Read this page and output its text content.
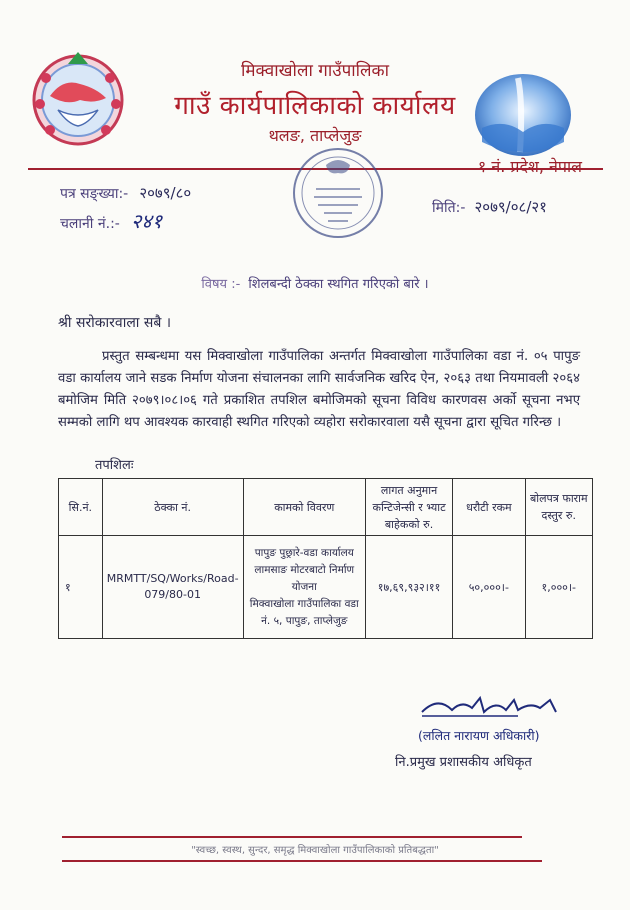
मिक्वाखोला गाउँपालिका
गाउँ कार्यपालिकाको कार्यालय
थलङ, ताप्लेजुङ
१ नं. प्रदेश, नेपाल
पत्र सङ्ख्या:- २०७९/८०
चलानी नं.:- २४१
मिति:- २०७९/०८/२१
विषय :- शिलबन्दी ठेक्का स्थगित गरिएको बारे ।
श्री सरोकारवाला सबै ।
प्रस्तुत सम्बन्धमा यस मिक्वाखोला गाउँपालिका अन्तर्गत मिक्वाखोला गाउँपालिका वडा नं. ०५ पापुङ वडा कार्यालय जाने सडक निर्माण योजना संचालनका लागि सार्वजनिक खरिद ऐन, २०६३ तथा नियमावली २०६४ बमोजिम मिति २०७९।०८।०६ गते प्रकाशित तपशिल बमोजिमको सूचना विविध कारणवस अर्को सूचना नभए सम्मको लागि थप आवश्यक कारवाही स्थगित गरिएको व्यहोरा सरोकारवाला यसै सूचना द्वारा सूचित गरिन्छ ।
तपशिलः
सि.नं.	ठेक्का नं.	कामको विवरण	लागत अनुमान कन्टिजेन्सी र भ्याट बाहेकको रु.	धरौटी रकम	बोलपत्र फाराम दस्तुर रु.
१	MRMTT/SQ/Works/Road-079/80-01	पापुङ पुछ्रारे-वडा कार्यालय लामसाङ मोटरबाटो निर्माण योजना
मिक्वाखोला गाउँपालिका वडा नं. ५, पापुङ, ताप्लेजुङ	१७,६९,९३२।११	५०,०००।-	१,०००।-
(ललित नारायण अधिकारी)
नि.प्रमुख प्रशासकीय अधिकृत
"स्वच्छ, स्वस्थ, सुन्दर, समृद्ध मिक्वाखोला गाउँपालिकाको प्रतिबद्धता"
